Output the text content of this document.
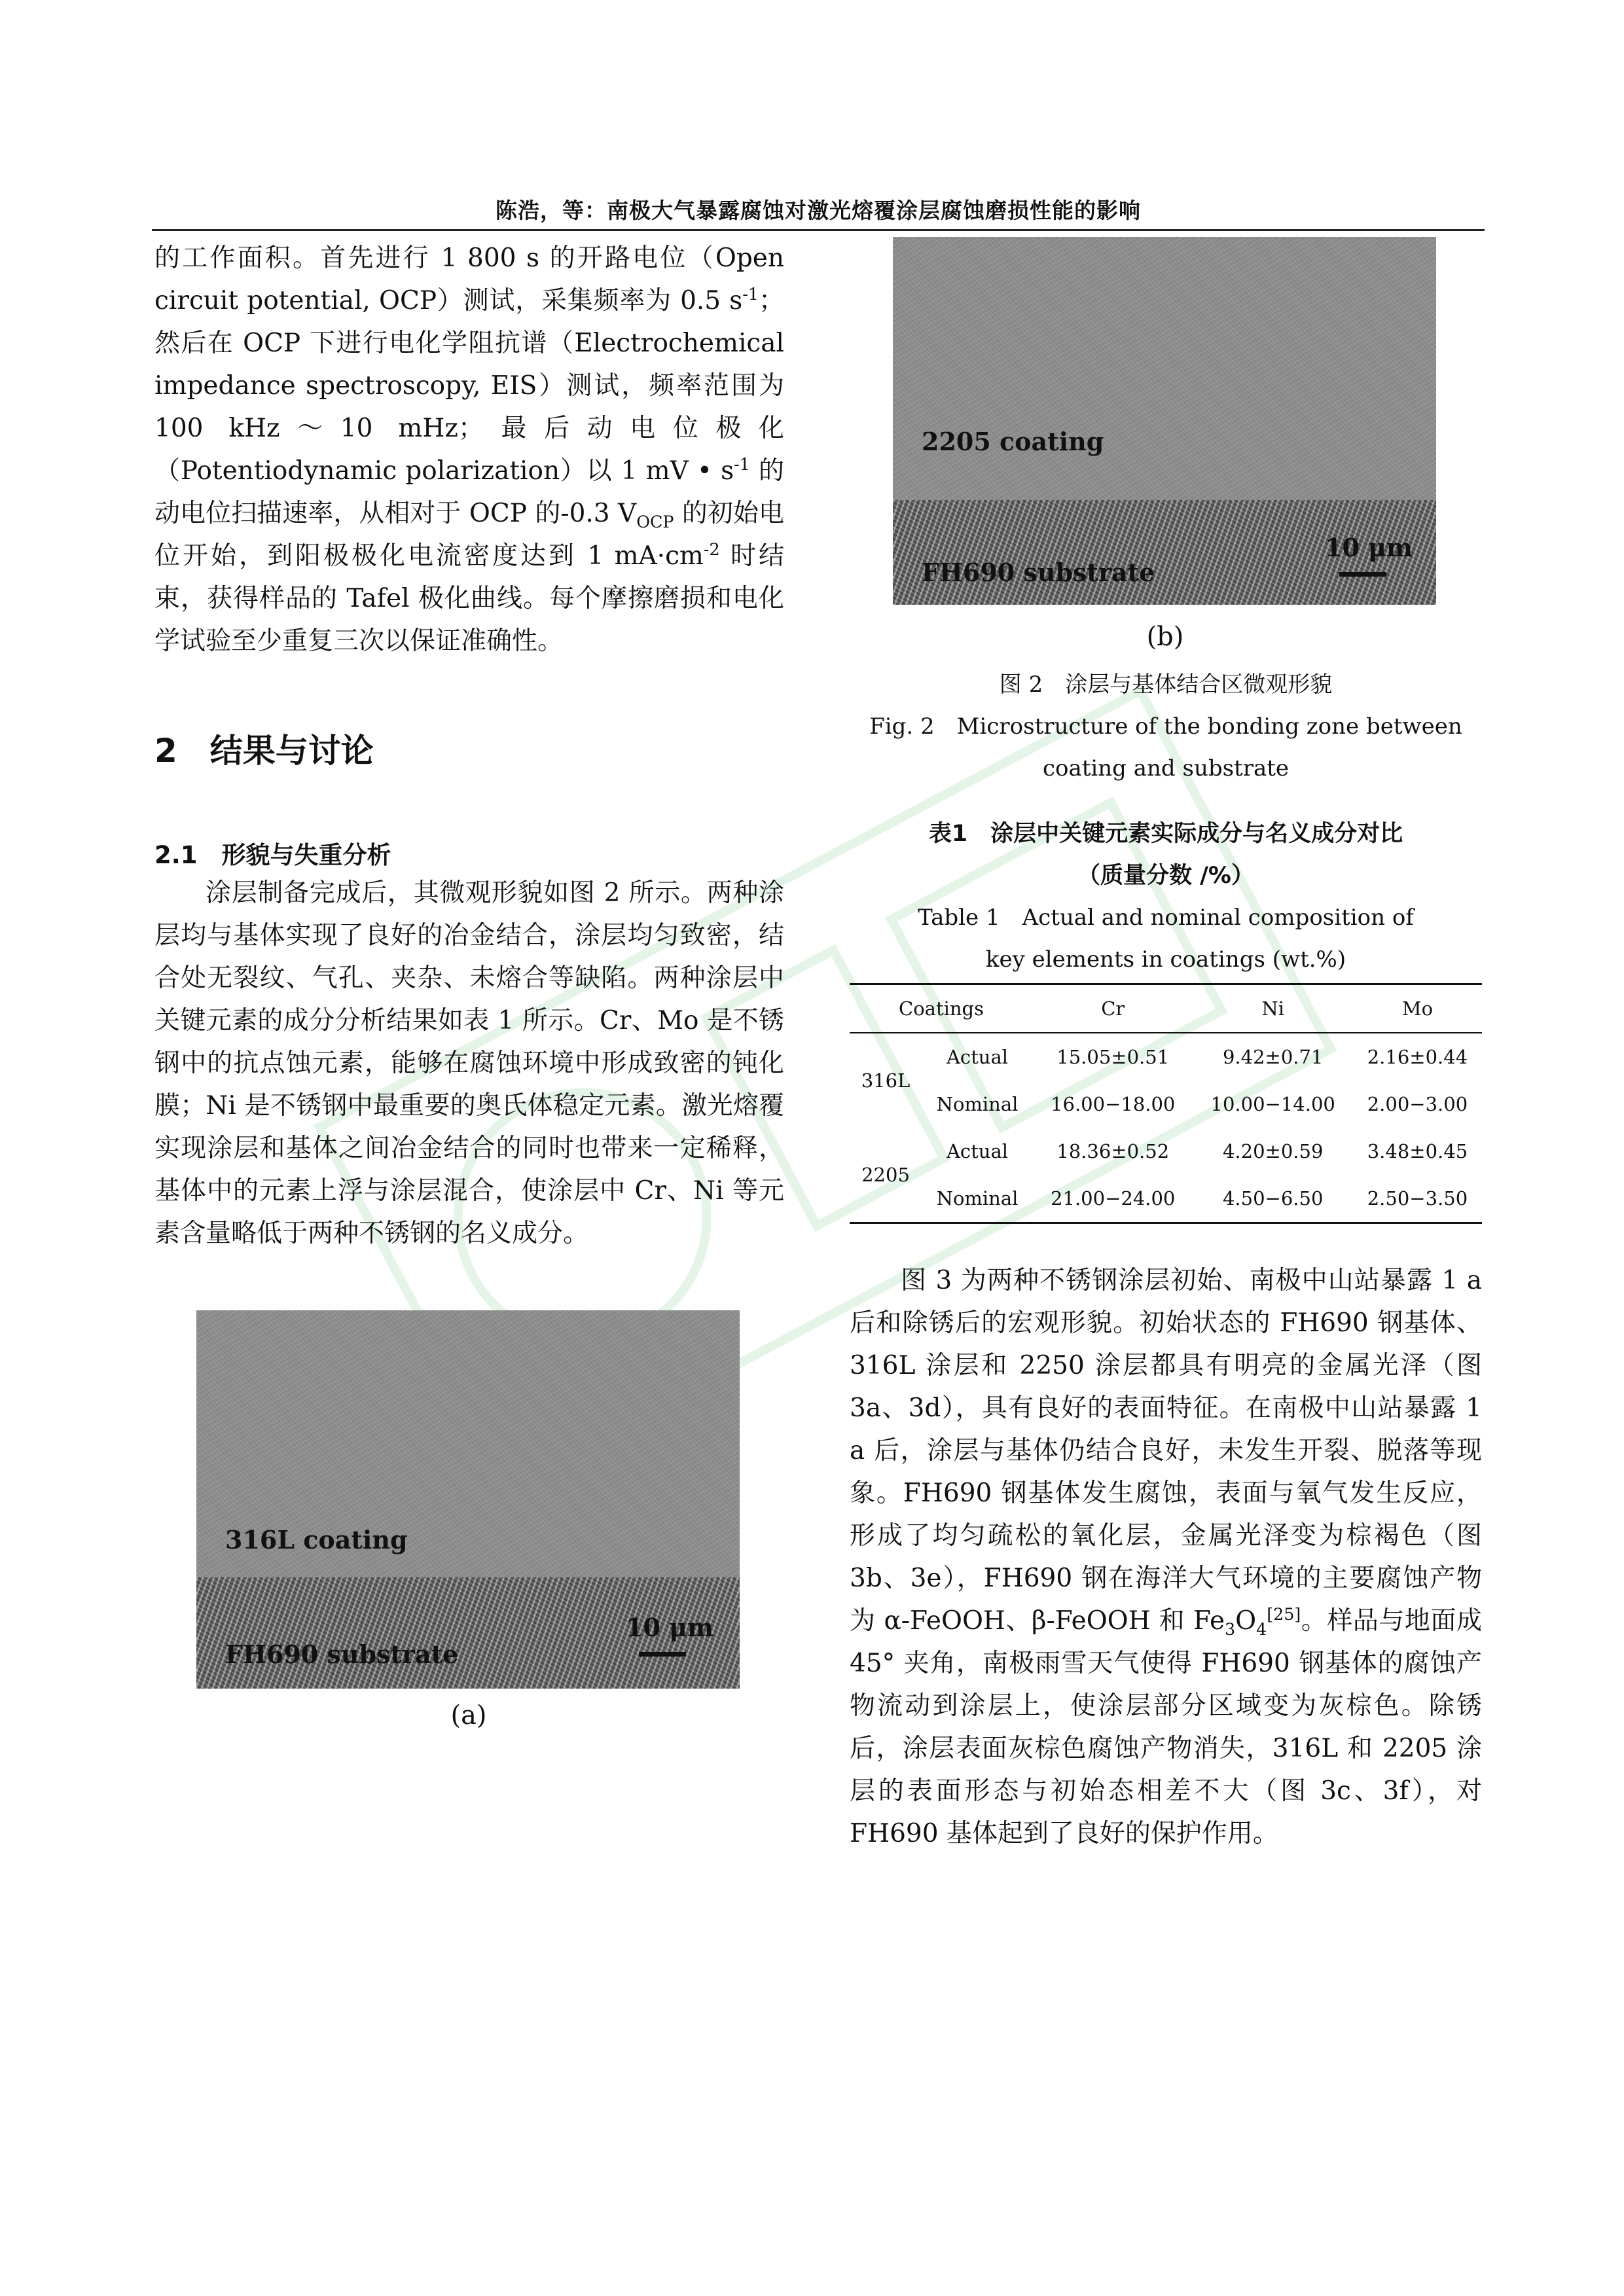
陈浩，等：南极大气暴露腐蚀对激光熔覆涂层腐蚀磨损性能的影响

的工作面积。首先进行 1 800 s 的开路电位（Open circuit potential, OCP）测试，采集频率为 0.5 $s^{-1}$；然后在 OCP 下进行电化学阻抗谱（Electrochemical impedance spectroscopy, EIS）测试，频率范围为 100 kHz～10 mHz；最后动电位极化（Potentiodynamic polarization）以 1 mV • $s^{-1}$ 的动电位扫描速率，从相对于 OCP 的-0.3 $V_{OCP}$ 的初始电位开始，到阳极极化电流密度达到 1 $mA\cdot cm^{-2}$ 时结束，获得样品的 Tafel 极化曲线。每个摩擦磨损和电化学试验至少重复三次以保证准确性。

2　结果与讨论
2.1　形貌与失重分析

涂层制备完成后，其微观形貌如图 2 所示。两种涂层均与基体实现了良好的冶金结合，涂层均匀致密，结合处无裂纹、气孔、夹杂、未熔合等缺陷。两种涂层中关键元素的成分分析结果如表 1 所示。Cr、Mo 是不锈钢中的抗点蚀元素，能够在腐蚀环境中形成致密的钝化膜；Ni 是不锈钢中最重要的奥氏体稳定元素。激光熔覆实现涂层和基体之间冶金结合的同时也带来一定稀释，基体中的元素上浮与涂层混合，使涂层中 Cr、Ni 等元素含量略低于两种不锈钢的名义成分。

316L coating
FH690 substrate
10 μm
(a)
2205 coating
FH690 substrate
10 μm
(b)

图 2　涂层与基体结合区微观形貌

Fig. 2　Microstructure of the bonding zone between

coating and substrate

表1　涂层中关键元素实际成分与名义成分对比

（质量分数 /%）

Table 1　Actual and nominal composition of

key elements in coatings (wt.%)

Coatings		Cr	Ni	Mo
316L	Actual	15.05±0.51	9.42±0.71	2.16±0.44
	Nominal	16.00−18.00	10.00−14.00	2.00−3.00
2205	Actual	18.36±0.52	4.20±0.59	3.48±0.45
	Nominal	21.00−24.00	4.50−6.50	2.50−3.50

图 3 为两种不锈钢涂层初始、南极中山站暴露 1 a 后和除锈后的宏观形貌。初始状态的 FH690 钢基体、316L 涂层和 2250 涂层都具有明亮的金属光泽（图 3a、3d），具有良好的表面特征。在南极中山站暴露 1 a 后，涂层与基体仍结合良好，未发生开裂、脱落等现象。FH690 钢基体发生腐蚀，表面与氧气发生反应，形成了均匀疏松的氧化层，金属光泽变为棕褐色（图 3b、3e），FH690 钢在海洋大气环境的主要腐蚀产物为 α-FeOOH、β-FeOOH 和 $Fe_3O_4[25]$。样品与地面成 45° 夹角，南极雨雪天气使得 FH690 钢基体的腐蚀产物流动到涂层上，使涂层部分区域变为灰棕色。除锈后，涂层表面灰棕色腐蚀产物消失，316L 和 2205 涂层的表面形态与初始态相差不大（图 3c、3f），对 FH690 基体起到了良好的保护作用。
